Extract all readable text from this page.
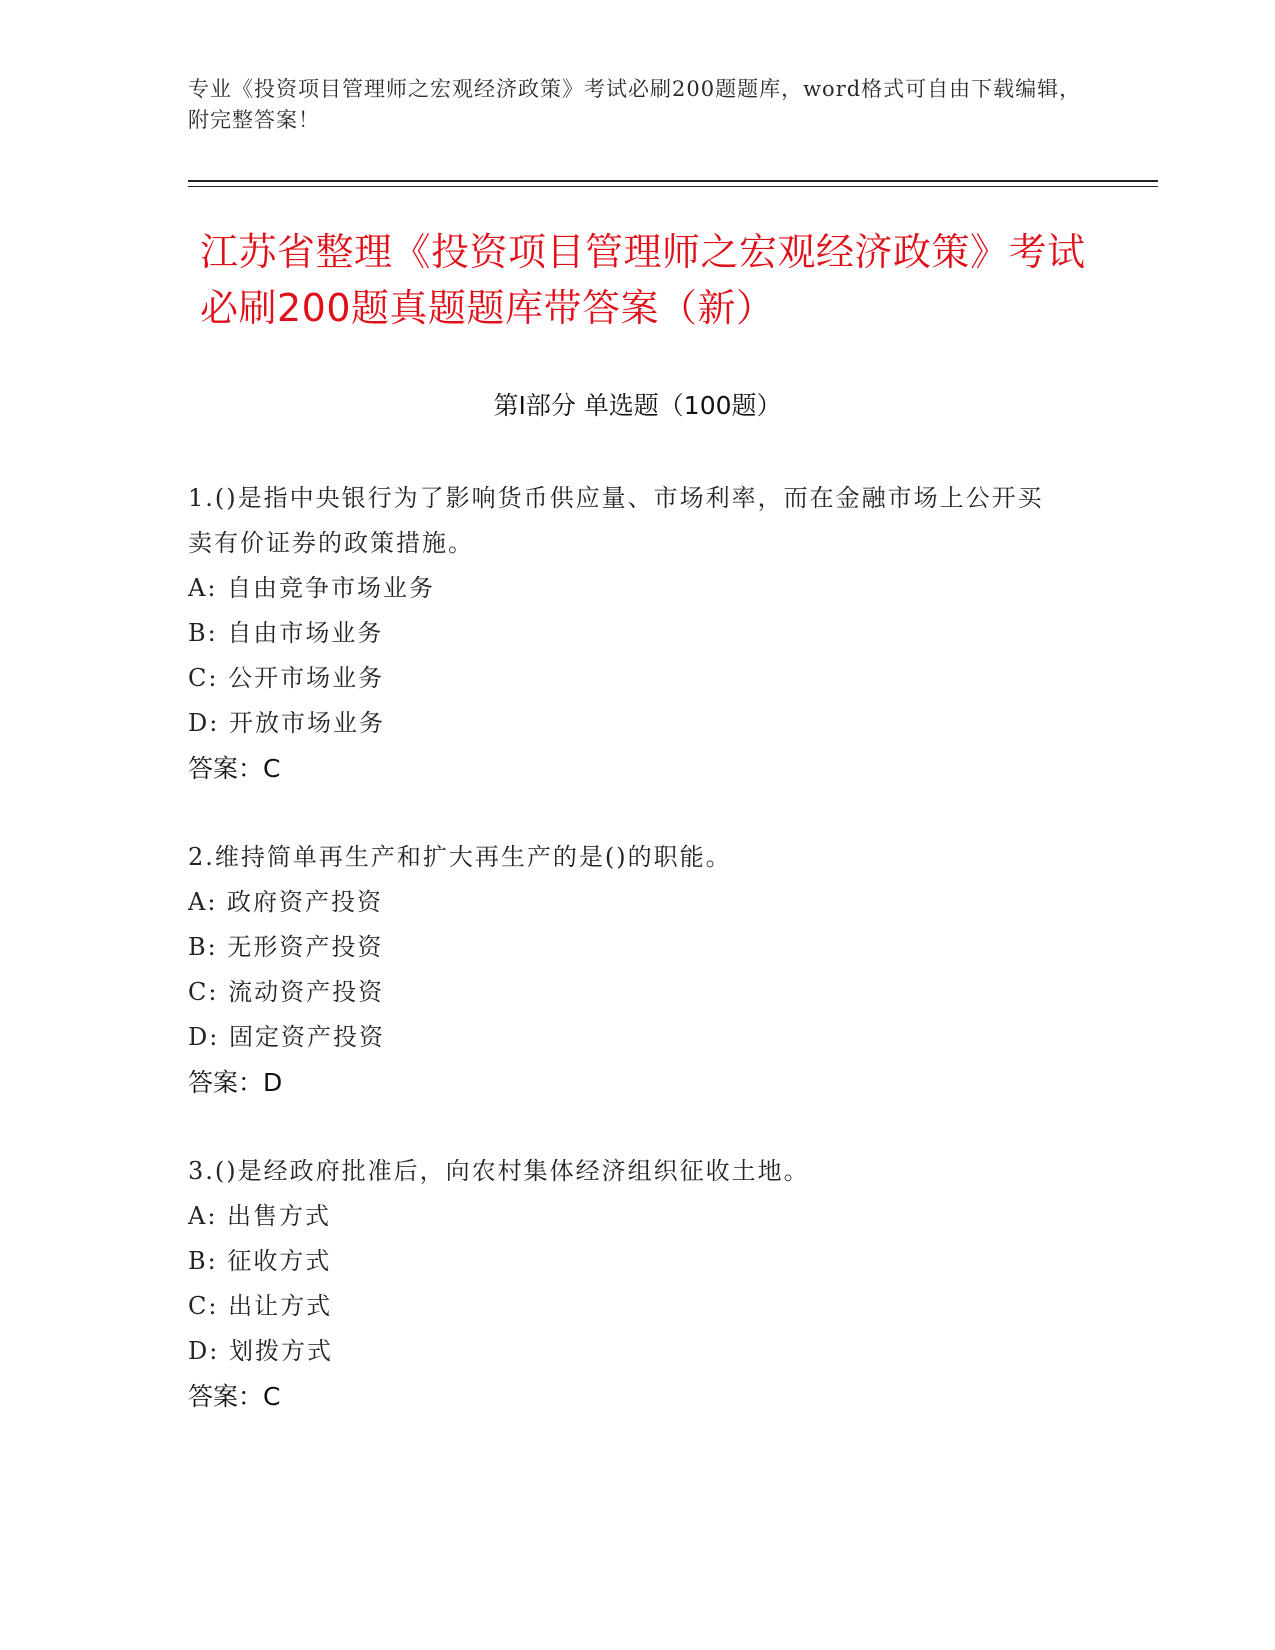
专业《投资项目管理师之宏观经济政策》考试必刷200题题库，word格式可自由下载编辑，附完整答案！
江苏省整理《投资项目管理师之宏观经济政策》考试必刷200题真题题库带答案（新）
第Ⅰ部分 单选题（100题）

1.()是指中央银行为了影响货币供应量、市场利率，而在金融市场上公开买卖有价证券的政策措施。

A: 自由竞争市场业务

B: 自由市场业务

C: 公开市场业务

D: 开放市场业务

答案：C

2.维持简单再生产和扩大再生产的是()的职能。

A: 政府资产投资

B: 无形资产投资

C: 流动资产投资

D: 固定资产投资

答案：D

3.()是经政府批准后，向农村集体经济组织征收土地。

A: 出售方式

B: 征收方式

C: 出让方式

D: 划拨方式

答案：C
